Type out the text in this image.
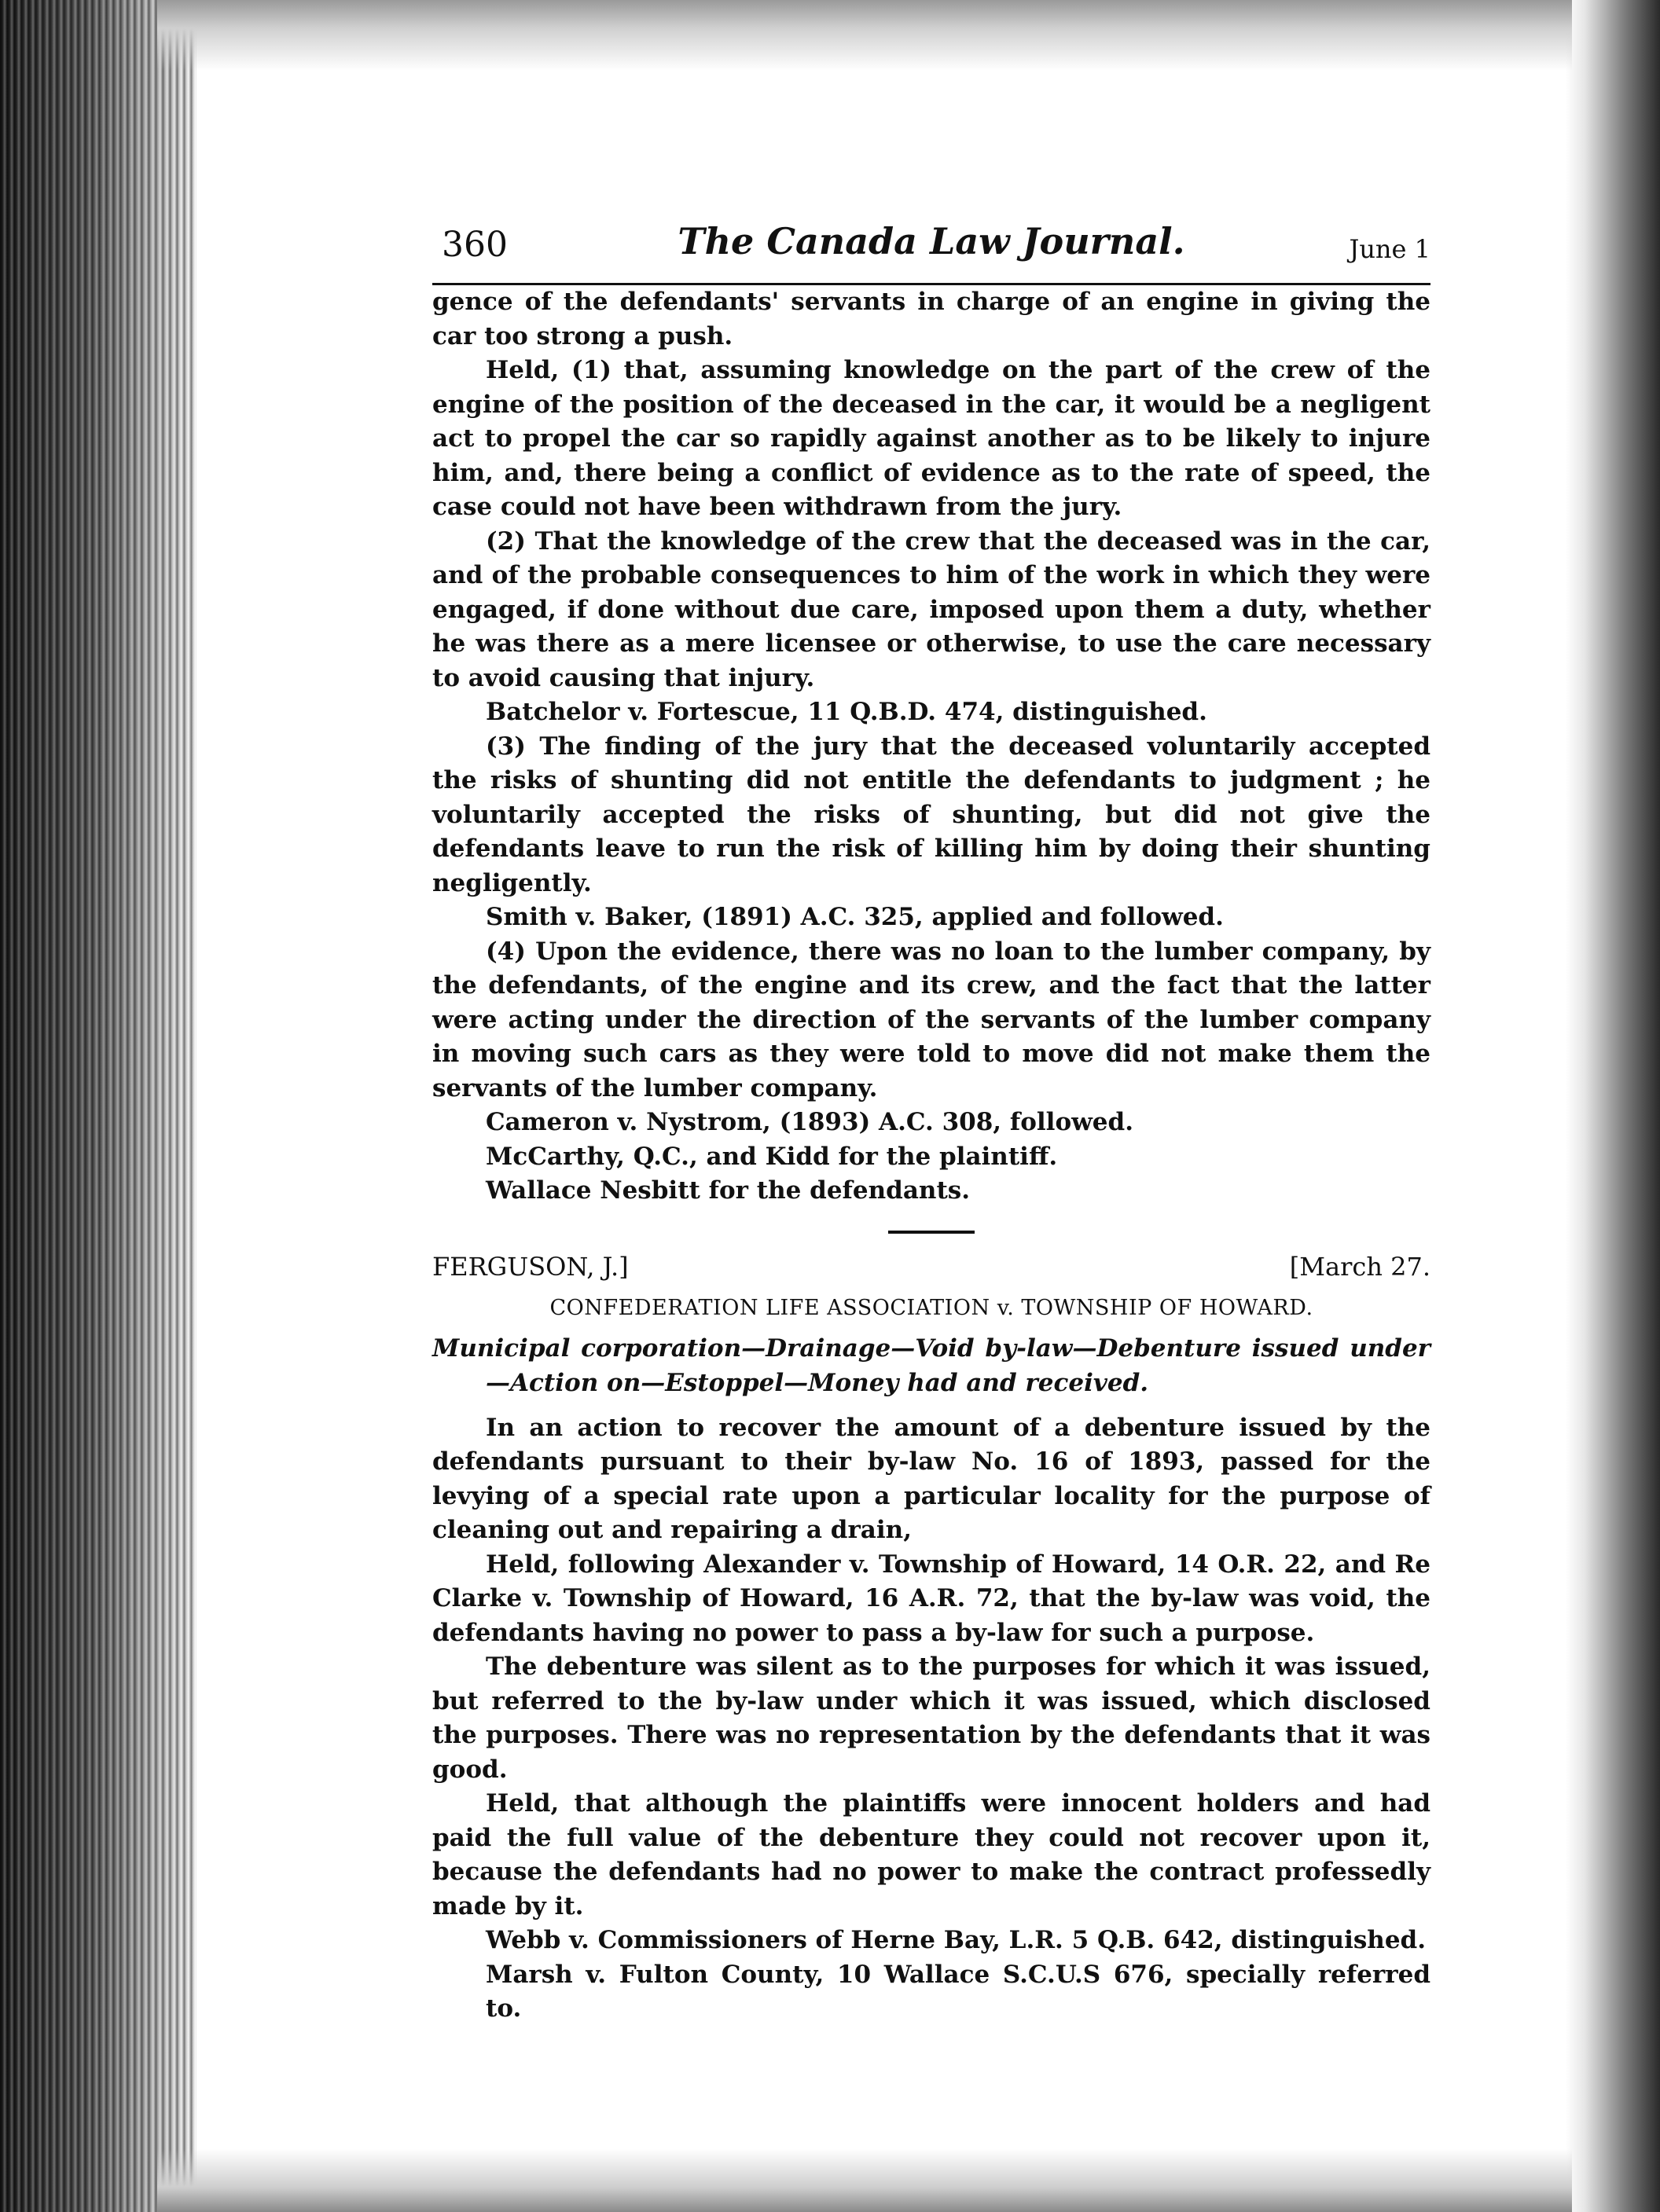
360	The Canada Law Journal.	June 1

gence of the defendants' servants in charge of an engine in giving the car too strong a push.

Held, (1) that, assuming knowledge on the part of the crew of the engine of the position of the deceased in the car, it would be a negligent act to propel the car so rapidly against another as to be likely to injure him, and, there being a conflict of evidence as to the rate of speed, the case could not have been withdrawn from the jury.

(2) That the knowledge of the crew that the deceased was in the car, and of the probable consequences to him of the work in which they were engaged, if done without due care, imposed upon them a duty, whether he was there as a mere licensee or otherwise, to use the care necessary to avoid causing that injury.

Batchelor v. Fortescue, 11 Q.B.D. 474, distinguished.

(3) The finding of the jury that the deceased voluntarily accepted the risks of shunting did not entitle the defendants to judgment ; he voluntarily accepted the risks of shunting, but did not give the defendants leave to run the risk of killing him by doing their shunting negligently.

Smith v. Baker, (1891) A.C. 325, applied and followed.

(4) Upon the evidence, there was no loan to the lumber company, by the defendants, of the engine and its crew, and the fact that the latter were acting under the direction of the servants of the lumber company in moving such cars as they were told to move did not make them the servants of the lumber company.

Cameron v. Nystrom, (1893) A.C. 308, followed.

McCarthy, Q.C., and Kidd for the plaintiff.

Wallace Nesbitt for the defendants.

FERGUSON, J.]	[March 27.
CONFEDERATION LIFE ASSOCIATION v. TOWNSHIP OF HOWARD.

Municipal corporation—Drainage—Void by-law—Debenture issued under—Action on—Estoppel—Money had and received.

In an action to recover the amount of a debenture issued by the defendants pursuant to their by-law No. 16 of 1893, passed for the levying of a special rate upon a particular locality for the purpose of cleaning out and repairing a drain,

Held, following Alexander v. Township of Howard, 14 O.R. 22, and Re Clarke v. Township of Howard, 16 A.R. 72, that the by-law was void, the defendants having no power to pass a by-law for such a purpose.

The debenture was silent as to the purposes for which it was issued, but referred to the by-law under which it was issued, which disclosed the purposes. There was no representation by the defendants that it was good.

Held, that although the plaintiffs were innocent holders and had paid the full value of the debenture they could not recover upon it, because the defendants had no power to make the contract professedly made by it.

Webb v. Commissioners of Herne Bay, L.R. 5 Q.B. 642, distinguished.

Marsh v. Fulton County, 10 Wallace S.C.U.S 676, specially referred to.
